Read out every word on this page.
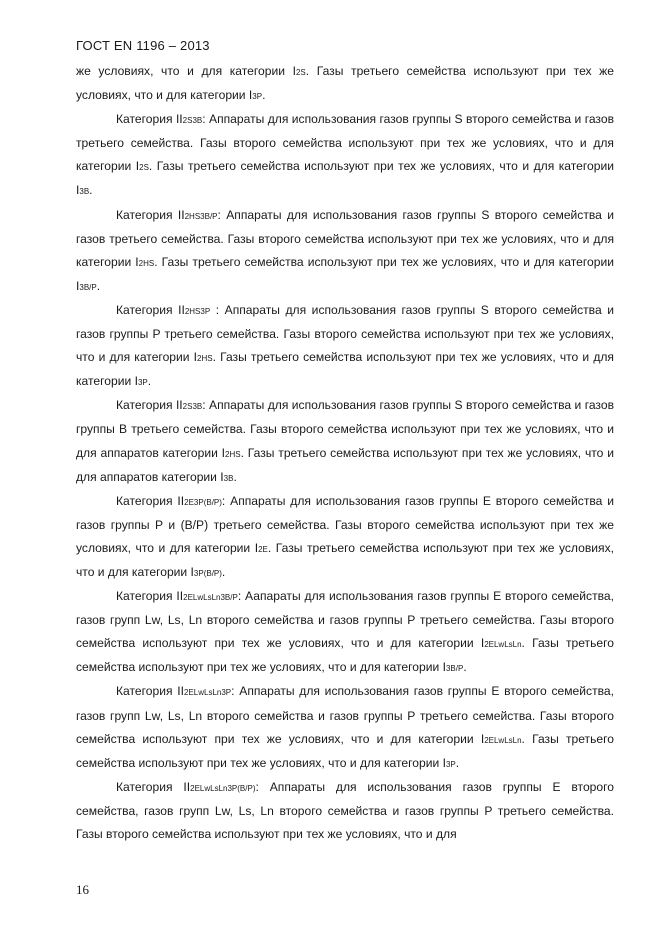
ГОСТ EN 1196 – 2013

же условиях, что и для категории I2S. Газы третьего семейства используют при тех же условиях, что и для категории I3P.

Категория II2S3B: Аппараты для использования газов группы S второго семейства и газов третьего семейства. Газы второго семейства используют при тех же условиях, что и для категории I2S. Газы третьего семейства используют при тех же условиях, что и для категории I3B.

Категория II2HS3B/P: Аппараты для использования газов группы S второго семейства и газов третьего семейства. Газы второго семейства используют при тех же условиях, что и для категории I2HS. Газы третьего семейства используют при тех же условиях, что и для категории I3B/P.

Категория II2HS3P : Аппараты для использования газов группы S второго семейства и газов группы P третьего семейства. Газы второго семейства используют при тех же условиях, что и для категории I2HS. Газы третьего семейства используют при тех же условиях, что и для категории I3P.

Категория II2S3B: Аппараты для использования газов группы S второго семейства и газов группы B третьего семейства. Газы второго семейства используют при тех же условиях, что и для аппаратов категории I2HS. Газы третьего семейства используют при тех же условиях, что и для аппаратов категории I3B.

Категория II2E3P(B/P): Аппараты для использования газов группы E второго семейства и газов группы P и (B/P) третьего семейства. Газы второго семейства используют при тех же условиях, что и для категории I2E. Газы третьего семейства используют при тех же условиях, что и для категории I3P(B/P).

Категория II2ELwLsLn3B/P: Аапараты для использования газов группы E второго семейства, газов групп Lw, Ls, Ln второго семейства и газов группы P третьего семейства. Газы второго семейства используют при тех же условиях, что и для категории I2ELwLsLn. Газы третьего семейства используют при тех же условиях, что и для категории I3B/P.

Категория II2ELwLsLn3P: Аппараты для использования газов группы E второго семейства, газов групп Lw, Ls, Ln второго семейства и газов группы P третьего семейства. Газы второго семейства используют при тех же условиях, что и для категории I2ELwLsLn. Газы третьего семейства используют при тех же условиях, что и для категории I3P.

Категория II2ELwLsLn3P(B/P): Аппараты для использования газов группы E второго семейства, газов групп Lw, Ls, Ln второго семейства и газов группы P третьего семейства. Газы второго семейства используют при тех же условиях, что и для

16
